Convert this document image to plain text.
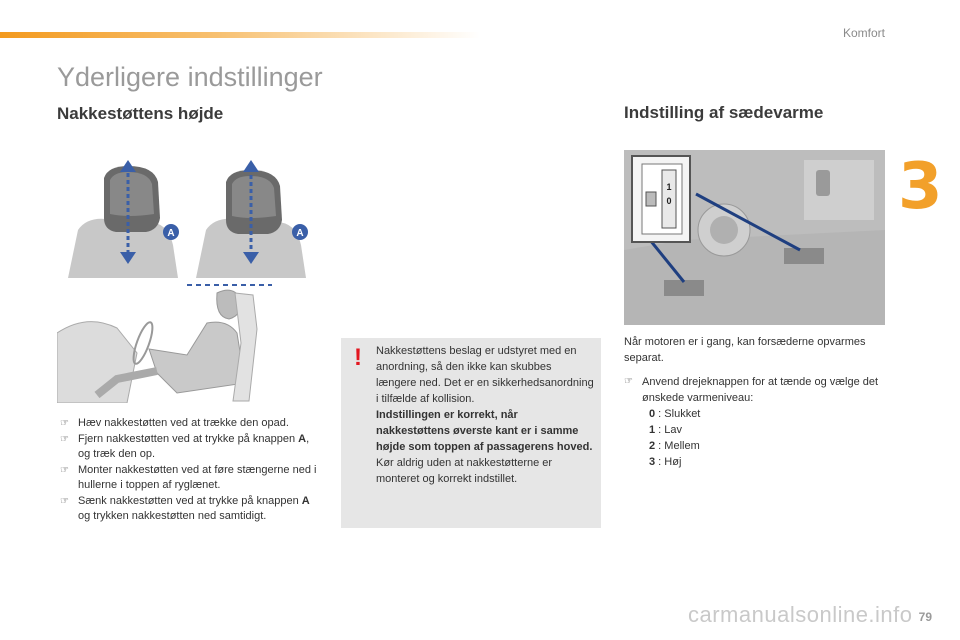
Komfort
3
Yderligere indstillinger
Nakkestøttens højde	Indstilling af sædevarme
A	A
☞ Hæv nakkestøtten ved at trække den opad.
☞ Fjern nakkestøtten ved at trykke på knappen A, og træk den op.
☞ Monter nakkestøtten ved at føre stængerne ned i hullerne i toppen af ryglænet.
☞ Sænk nakkestøtten ved at trykke på knappen A og trykken nakkestøtten ned samtidigt.
! Nakkestøttens beslag er udstyret med en anordning, så den ikke kan skubbes længere ned. Det er en sikkerhedsanordning i tilfælde af kollision.
Indstillingen er korrekt, når nakkestøttens øverste kant er i samme højde som toppen af passagerens hoved.
Kør aldrig uden at nakkestøtterne er monteret og korrekt indstillet.
1
0
Når motoren er i gang, kan forsæderne opvarmes separat.
☞ Anvend drejeknappen for at tænde og vælge det ønskede varmeniveau:
0 : Slukket
1 : Lav
2 : Mellem
3 : Høj
carmanualsonline.info 79
